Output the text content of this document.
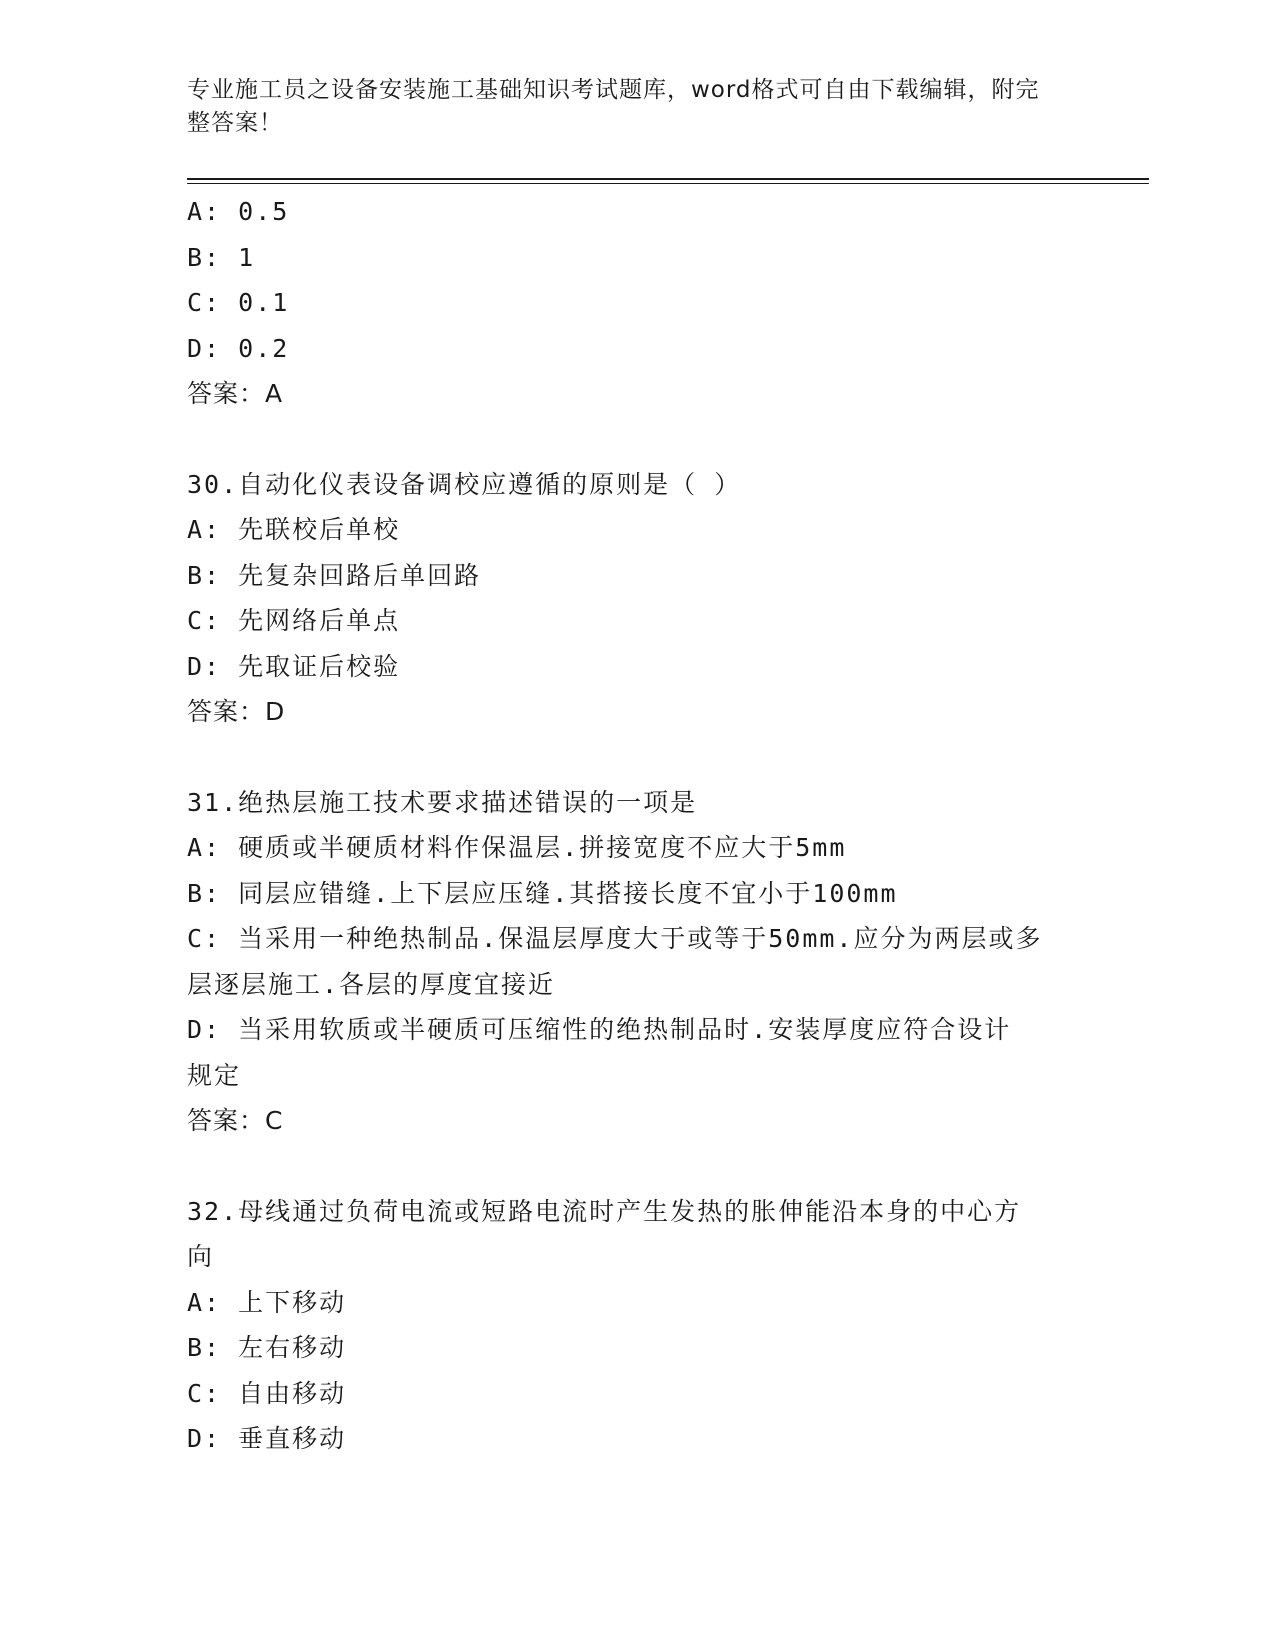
专业施工员之设备安装施工基础知识考试题库，word格式可自由下载编辑，附完
整答案！
A: 0.5
B: 1
C: 0.1
D: 0.2
答案：A
30.自动化仪表设备调校应遵循的原则是（ ）
A: 先联校后单校
B: 先复杂回路后单回路
C: 先网络后单点
D: 先取证后校验
答案：D
31.绝热层施工技术要求描述错误的一项是
A: 硬质或半硬质材料作保温层.拼接宽度不应大于5mm
B: 同层应错缝.上下层应压缝.其搭接长度不宜小于100mm
C: 当采用一种绝热制品.保温层厚度大于或等于50mm.应分为两层或多
层逐层施工.各层的厚度宜接近
D: 当采用软质或半硬质可压缩性的绝热制品时.安装厚度应符合设计
规定
答案：C
32.母线通过负荷电流或短路电流时产生发热的胀伸能沿本身的中心方
向
A: 上下移动
B: 左右移动
C: 自由移动
D: 垂直移动
